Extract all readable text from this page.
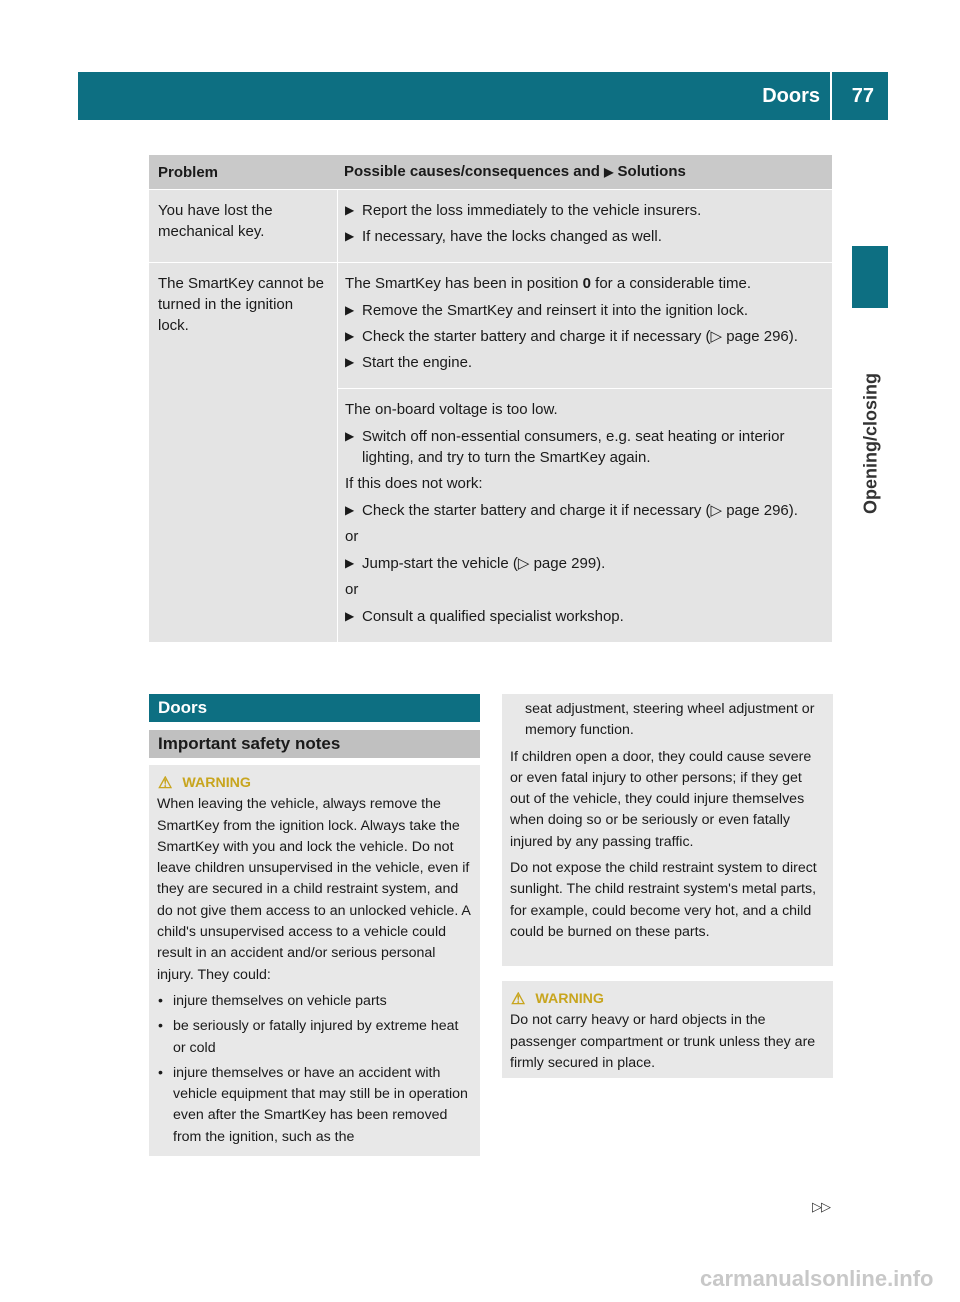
Doors 77
Opening/closing
Problem	Possible causes/consequences and ▶ Solutions
You have lost the mechanical key.
▶ Report the loss immediately to the vehicle insurers.
▶ If necessary, have the locks changed as well.
The SmartKey cannot be turned in the ignition lock.
The SmartKey has been in position 0 for a considerable time.
▶ Remove the SmartKey and reinsert it into the ignition lock.
▶ Check the starter battery and charge it if necessary (▷ page 296).
▶ Start the engine.
The on-board voltage is too low.
▶ Switch off non-essential consumers, e.g. seat heating or interior lighting, and try to turn the SmartKey again.
If this does not work:
▶ Check the starter battery and charge it if necessary (▷ page 296).
or
▶ Jump-start the vehicle (▷ page 299).
or
▶ Consult a qualified specialist workshop.
Doors
Important safety notes
⚠ WARNING
When leaving the vehicle, always remove the SmartKey from the ignition lock. Always take the SmartKey with you and lock the vehicle. Do not leave children unsupervised in the vehicle, even if they are secured in a child restraint system, and do not give them access to an unlocked vehicle. A child's unsupervised access to a vehicle could result in an accident and/or serious personal injury. They could:
• injure themselves on vehicle parts
• be seriously or fatally injured by extreme heat or cold
• injure themselves or have an accident with vehicle equipment that may still be in operation even after the SmartKey has been removed from the ignition, such as the
seat adjustment, steering wheel adjustment or memory function.
If children open a door, they could cause severe or even fatal injury to other persons; if they get out of the vehicle, they could injure themselves when doing so or be seriously or even fatally injured by any passing traffic.
Do not expose the child restraint system to direct sunlight. The child restraint system's metal parts, for example, could become very hot, and a child could be burned on these parts.
⚠ WARNING
Do not carry heavy or hard objects in the passenger compartment or trunk unless they are firmly secured in place.
▷▷
carmanualsonline.info
